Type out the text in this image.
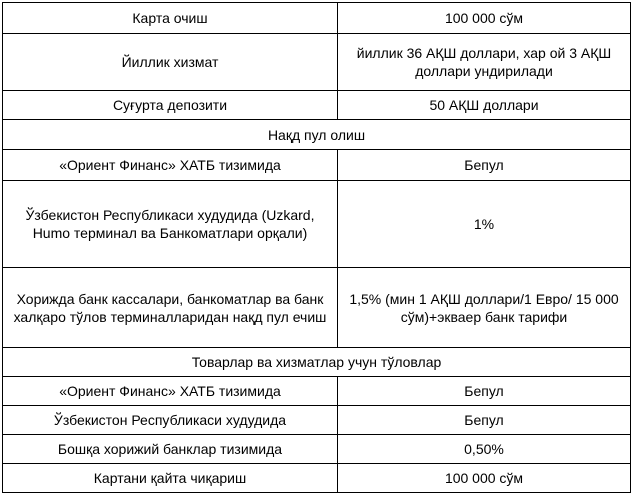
Карта очиш	100 000 сўм
Йиллик хизмат	йиллик 36 АҚШ доллари, хар ой 3 АҚШ доллари ундирилади
Суғурта депозити	50 АҚШ доллари
Нақд пул олиш	
«Ориент Финанс» ХАТБ тизимида	Бепул
Ўзбекистон Республикаси худудида (Uzkard, Humo терминал ва Банкоматлари орқали)	1%
Хорижда банк кассалари, банкоматлар ва банк халқаро тўлов терминалларидан нақд пул ечиш	1,5% (мин 1 АҚШ доллари/1 Евро/ 15 000 сўм)+экваер банк тарифи
Товарлар ва хизматлар учун тўловлар	
«Ориент Финанс» ХАТБ тизимида	Бепул
Ўзбекистон Республикаси худудида	Бепул
Бошқа хорижий банклар тизимида	0,50%
Картани қайта чиқариш	100 000 сўм
